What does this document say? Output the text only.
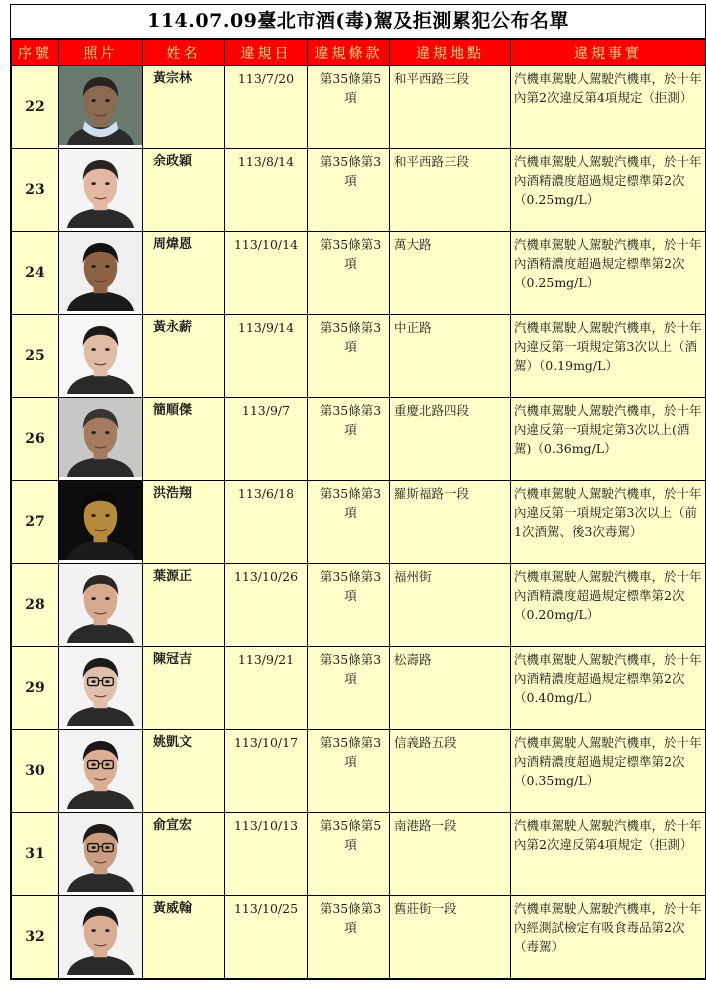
114.07.09臺北市酒(毒)駕及拒測累犯公布名單
序號	照片	姓名	違規日	違規條款	違規地點	違規事實
22		黃宗林	113/7/20	第35條第5項	和平西路三段	汽機車駕駛人駕駛汽機車，於十年內第2次違反第4項規定（拒測）
23		余政穎	113/8/14	第35條第3項	和平西路三段	汽機車駕駛人駕駛汽機車，於十年內酒精濃度超過規定標準第2次（0.25mg/L）
24		周煒恩	113/10/14	第35條第3項	萬大路	汽機車駕駛人駕駛汽機車，於十年內酒精濃度超過規定標準第2次（0.25mg/L）
25		黃永薪	113/9/14	第35條第3項	中正路	汽機車駕駛人駕駛汽機車，於十年內違反第一項規定第3次以上（酒駕）（0.19mg/L）
26		簡順傑	113/9/7	第35條第3項	重慶北路四段	汽機車駕駛人駕駛汽機車，於十年內違反第一項規定第3次以上(酒駕)（0.36mg/L）
27		洪浩翔	113/6/18	第35條第3項	羅斯福路一段	汽機車駕駛人駕駛汽機車，於十年內違反第一項規定第3次以上（前1次酒駕、後3次毒駕）
28		葉源正	113/10/26	第35條第3項	福州街	汽機車駕駛人駕駛汽機車，於十年內酒精濃度超過規定標準第2次（0.20mg/L）
29		陳冠吉	113/9/21	第35條第3項	松壽路	汽機車駕駛人駕駛汽機車，於十年內酒精濃度超過規定標準第2次（0.40mg/L）
30		姚凱文	113/10/17	第35條第3項	信義路五段	汽機車駕駛人駕駛汽機車，於十年內酒精濃度超過規定標準第2次（0.35mg/L）
31		俞宣宏	113/10/13	第35條第5項	南港路一段	汽機車駕駛人駕駛汽機車，於十年內第2次違反第4項規定（拒測）
32		黃威翰	113/10/25	第35條第3項	舊莊街一段	汽機車駕駛人駕駛汽機車，於十年內經測試檢定有吸食毒品第2次（毒駕）
